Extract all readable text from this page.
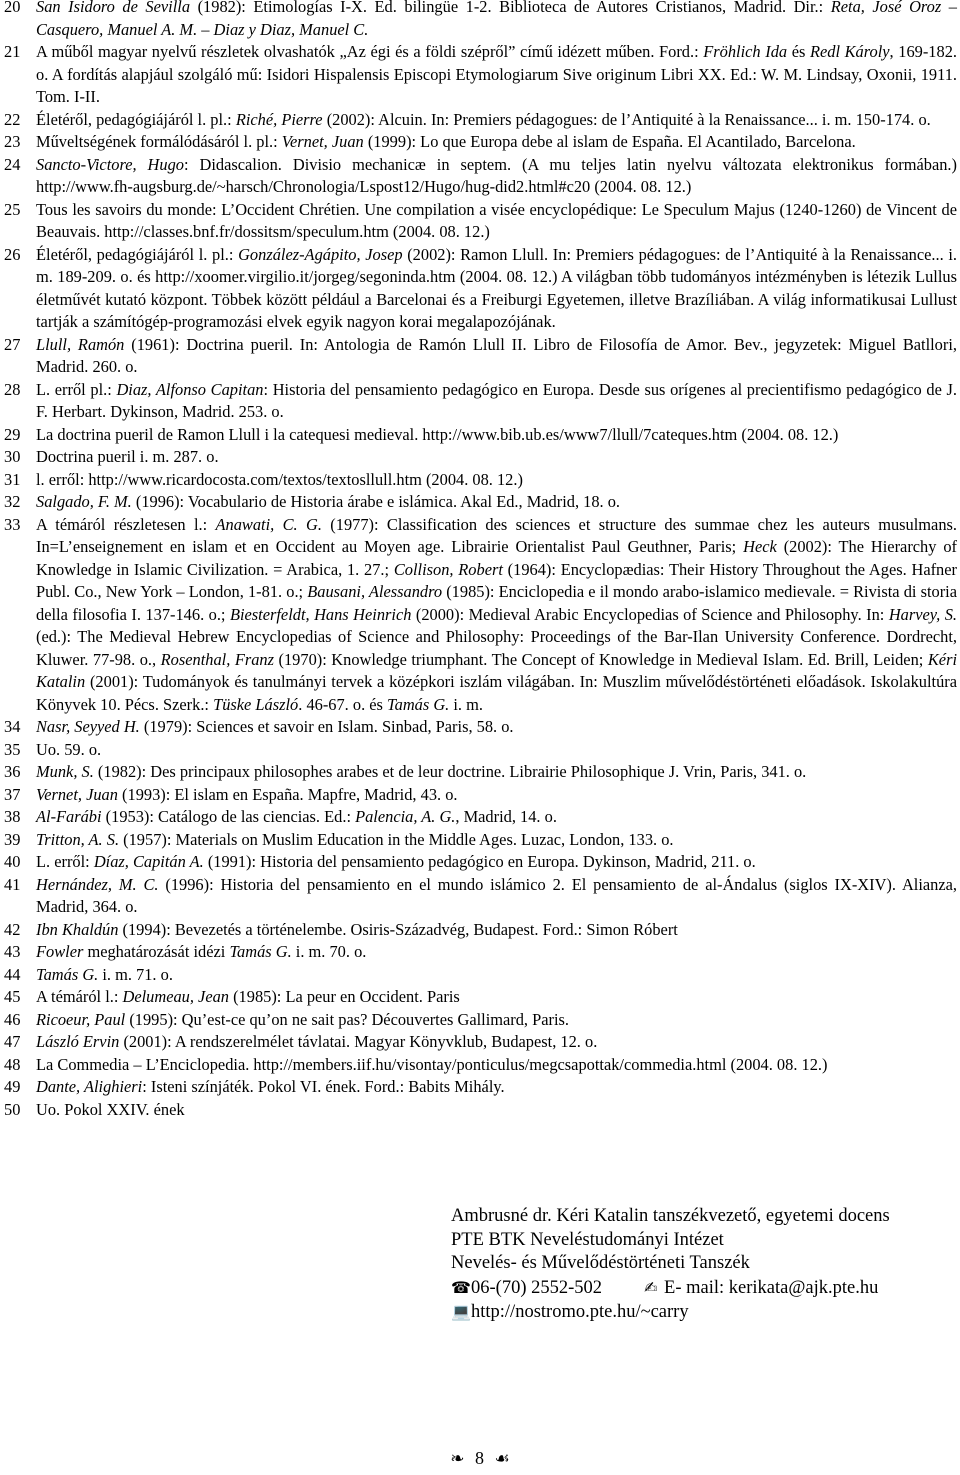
20 San Isidoro de Sevilla (1982): Etimologías I-X. Ed. bilingüe 1-2. Biblioteca de Autores Cristianos, Madrid. Dir.: Reta, José Oroz – Casquero, Manuel A. M. – Diaz y Diaz, Manuel C.
21 A műből magyar nyelvű részletek olvashatók „Az égi és a földi szépről” című idézett műben. Ford.: Fröhlich Ida és Redl Károly, 169-182. o. A fordítás alapjául szolgáló mű: Isidori Hispalensis Episcopi Etymologiarum Sive originum Libri XX. Ed.: W. M. Lindsay, Oxonii, 1911. Tom. I-II.
22 Életéről, pedagógiájáról l. pl.: Riché, Pierre (2002): Alcuin. In: Premiers pédagogues: de l’Antiquité à la Renaissance... i. m. 150-174. o.
23 Műveltségének formálódásáról l. pl.: Vernet, Juan (1999): Lo que Europa debe al islam de España. El Acantilado, Barcelona.
24 Sancto-Victore, Hugo: Didascalion. Divisio mechanicæ in septem. (A mu teljes latin nyelvu változata elektronikus formában.) http://www.fh-augsburg.de/~harsch/Chronologia/Lspost12/Hugo/hug-did2.html#c20 (2004. 08. 12.)
25 Tous les savoirs du monde: L’Occident Chrétien. Une compilation a visée encyclopédique: Le Speculum Majus (1240-1260) de Vincent de Beauvais. http://classes.bnf.fr/dossitsm/speculum.htm (2004. 08. 12.)
26 Életéről, pedagógiájáról l. pl.: González-Agápito, Josep (2002): Ramon Llull. In: Premiers pédagogues: de l’Antiquité à la Renaissance... i. m. 189-209. o. és http://xoomer.virgilio.it/jorgeg/segoninda.htm (2004. 08. 12.) A világban több tudományos intézményben is létezik Lullus életművét kutató központ. Többek között például a Barcelonai és a Freiburgi Egyetemen, illetve Brazíliában. A világ informatikusai Lullust tartják a számítógép-programozási elvek egyik nagyon korai megalapozójának.
27 Llull, Ramón (1961): Doctrina pueril. In: Antologia de Ramón Llull II. Libro de Filosofía de Amor. Bev., jegyzetek: Miguel Batllori, Madrid. 260. o.
28 L. erről pl.: Diaz, Alfonso Capitan: Historia del pensamiento pedagógico en Europa. Desde sus orígenes al precientifismo pedagógico de J. F. Herbart. Dykinson, Madrid. 253. o.
29 La doctrina pueril de Ramon Llull i la catequesi medieval. http://www.bib.ub.es/www7/llull/7cateques.htm (2004. 08. 12.)
30 Doctrina pueril i. m. 287. o.
31 l. erről: http://www.ricardocosta.com/textos/textosllull.htm (2004. 08. 12.)
32 Salgado, F. M. (1996): Vocabulario de Historia árabe e islámica. Akal Ed., Madrid, 18. o.
33 A témáról részletesen l.: Anawati, C. G. (1977): Classification des sciences et structure des summae chez les auteurs musulmans. In=L’enseignement en islam et en Occident au Moyen age. Librairie Orientalist Paul Geuthner, Paris; Heck (2002): The Hierarchy of Knowledge in Islamic Civilization. = Arabica, 1. 27.; Collison, Robert (1964): Encyclopædias: Their History Throughout the Ages. Hafner Publ. Co., New York – London, 1-81. o.; Bausani, Alessandro (1985): Enciclopedia e il mondo arabo-islamico medievale. = Rivista di storia della filosofia I. 137-146. o.; Biesterfeldt, Hans Heinrich (2000): Medieval Arabic Encyclopedias of Science and Philosophy. In: Harvey, S. (ed.): The Medieval Hebrew Encyclopedias of Science and Philosophy: Proceedings of the Bar-Ilan University Conference. Dordrecht, Kluwer. 77-98. o., Rosenthal, Franz (1970): Knowledge triumphant. The Concept of Knowledge in Medieval Islam. Ed. Brill, Leiden; Kéri Katalin (2001): Tudományok és tanulmányi tervek a középkori iszlám világában. In: Muszlim művelődéstörténeti előadások. Iskolakultúra Könyvek 10. Pécs. Szerk.: Tüske László. 46-67. o. és Tamás G. i. m.
34 Nasr, Seyyed H. (1979): Sciences et savoir en Islam. Sinbad, Paris, 58. o.
35 Uo. 59. o.
36 Munk, S. (1982): Des principaux philosophes arabes et de leur doctrine. Librairie Philosophique J. Vrin, Paris, 341. o.
37 Vernet, Juan (1993): El islam en España. Mapfre, Madrid, 43. o.
38 Al-Farábi (1953): Catálogo de las ciencias. Ed.: Palencia, A. G., Madrid, 14. o.
39 Tritton, A. S. (1957): Materials on Muslim Education in the Middle Ages. Luzac, London, 133. o.
40 L. erről: Díaz, Capitán A. (1991): Historia del pensamiento pedagógico en Europa. Dykinson, Madrid, 211. o.
41 Hernández, M. C. (1996): Historia del pensamiento en el mundo islámico 2. El pensamiento de al-Ándalus (siglos IX-XIV). Alianza, Madrid, 364. o.
42 Ibn Khaldún (1994): Bevezetés a történelembe. Osiris-Századvég, Budapest. Ford.: Simon Róbert
43 Fowler meghatározását idézi Tamás G. i. m. 70. o.
44 Tamás G. i. m. 71. o.
45 A témáról l.: Delumeau, Jean (1985): La peur en Occident. Paris
46 Ricoeur, Paul (1995): Qu’est-ce qu’on ne sait pas? Découvertes Gallimard, Paris.
47 László Ervin (2001): A rendszerelmélet távlatai. Magyar Könyvklub, Budapest, 12. o.
48 La Commedia – L’Enciclopedia. http://members.iif.hu/visontay/ponticulus/megcsapottak/commedia.html (2004. 08. 12.)
49 Dante, Alighieri: Isteni színjáték. Pokol VI. ének. Ford.: Babits Mihály.
50 Uo. Pokol XXIV. ének
Ambrusné dr. Kéri Katalin tanszékvezető, egyetemi docens
PTE BTK Neveléstudományi Intézet
Nevelés- és Művelődéstörténeti Tanszék
☎06-(70) 2552-502	✍ E- mail: kerikata@ajk.pte.hu
💻http://nostromo.pte.hu/~carry
❧ 8 ☙
